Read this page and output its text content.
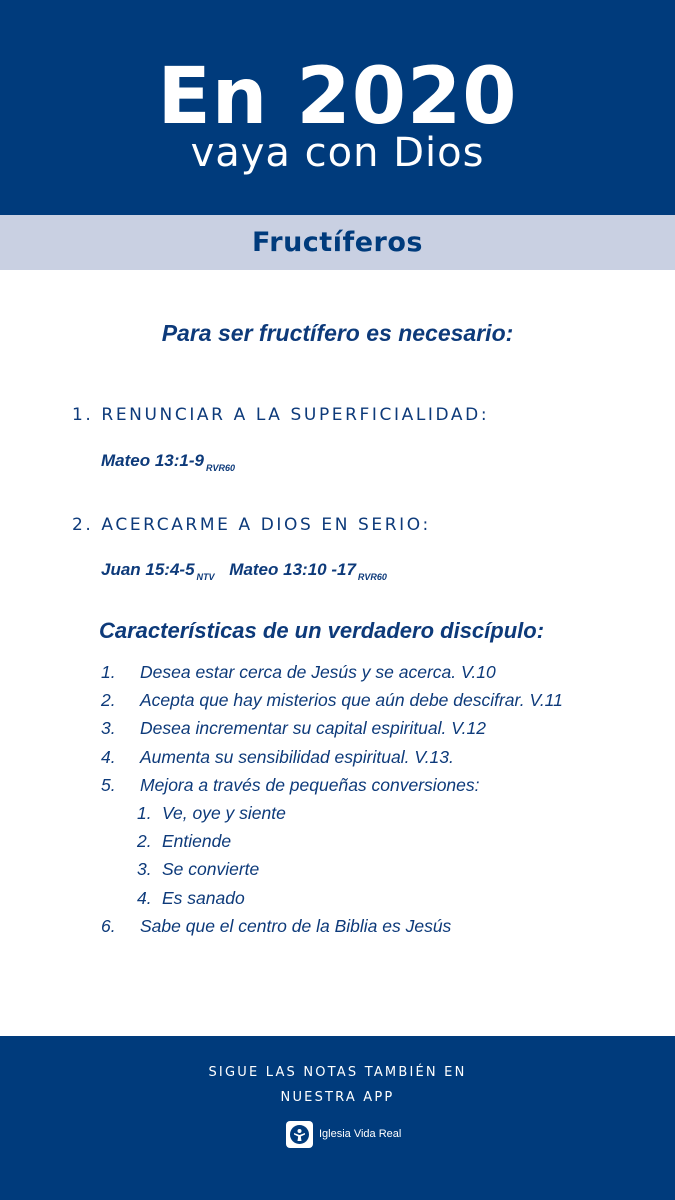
En 2020
vaya con Dios
Fructíferos
Para ser fructífero es necesario:
1. RENUNCIAR A LA SUPERFICIALIDAD:
Mateo 13:1-9 $_{RVR60}$
2. ACERCARME A DIOS EN SERIO:
Juan 15:4-5 $_{NTV}$ Mateo 13:10 -17 $_{RVR60}$
Características de un verdadero discípulo:
1. Desea estar cerca de Jesús y se acerca. V.10
2. Acepta que hay misterios que aún debe descifrar. V.11
3. Desea incrementar su capital espiritual. V.12
4. Aumenta su sensibilidad espiritual. V.13.
5. Mejora a través de pequeñas conversiones:
1. Ve, oye y siente
2. Entiende
3. Se convierte
4. Es sanado
6. Sabe que el centro de la Biblia es Jesús
SIGUE LAS NOTAS TAMBIÉN EN
NUESTRA APP
Iglesia Vida Real
